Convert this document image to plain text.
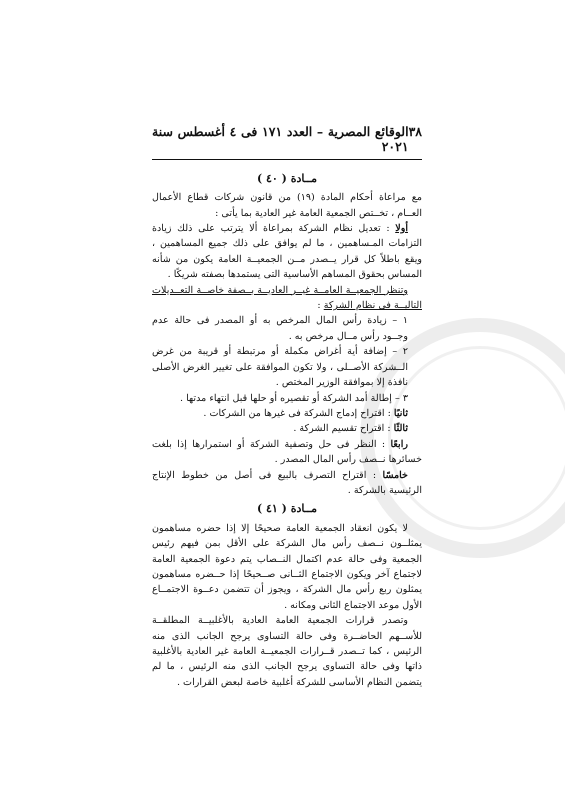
٣٨
الوقائع المصرية – العدد ١٧١ فى ٤ أغسطس سنة ٢٠٢١
مــادة ( ٤٠ )

مع مراعاة أحكام المادة (١٩) من قانون شركات قطاع الأعمال العــام ، تخــتص الجمعية العامة غير العادية بما يأتى :

أولا : تعديل نظام الشركة بمراعاة ألا يترتب على ذلك زيادة التزامات المـساهمين ، ما لم يوافق على ذلك جميع المساهمين ، ويقع باطلاً كل قرار يــصدر مــن الجمعيــة العامة يكون من شأنه المساس بحقوق المساهم الأساسية التى يستمدها بصفته شريكًا .

وتنظر الجمعيــة العامــة غيــر العاديــة بــصفة خاصــة التعــديلات التاليــة فى نظام الشركة :

١ – زيادة رأس المال المرخص به أو المصدر فى حالة عدم وجــود رأس مــال مرخص به .

٢ – إضافة أية أغراض مكملة أو مرتبطة أو قريبة من غرض الــشركة الأصــلى ، ولا تكون الموافقة على تغيير الغرض الأصلى نافذة إلا بموافقة الوزير المختص .

٣ – إطالة أمد الشركة أو تقصيره أو حلها قبل انتهاء مدتها .

ثانيًا : اقتراح إدماج الشركة فى غيرها من الشركات .

ثالثًا : اقتراح تقسيم الشركة .

رابعًا : النظر فى حل وتصفية الشركة أو استمرارها إذا بلغت خسائرها نــصف رأس المال المصدر .

خامسًا : اقتراح التصرف بالبيع فى أصل من خطوط الإنتاج الرئيسية بالشركة .

مــادة ( ٤١ )

لا يكون انعقاد الجمعية العامة صحيحًا إلا إذا حضره مساهمون يمثلــون نــصف رأس مال الشركة على الأقل بمن فيهم رئيس الجمعية وفى حالة عدم اكتمال النــصاب يتم دعوة الجمعية العامة لاجتماع آخر ويكون الاجتماع الثــانى صــحيحًا إذا حــضره مساهمون يمثلون ربع رأس مال الشركة ، ويجوز أن تتضمن دعــوة الاجتمــاع الأول موعد الاجتماع الثانى ومكانه .

وتصدر قرارات الجمعية العامة العادية بالأغلبيــة المطلقــة للأســهم الحاضــرة وفى حالة التساوى يرجح الجانب الذى منه الرئيس ، كما تــصدر قــرارات الجمعيــة العامة غير العادية بالأغلبية ذاتها وفى حالة التساوى يرجح الجانب الذى منه الرئيس ، ما لم يتضمن النظام الأساسى للشركة أغلبية خاصة لبعض القرارات .
